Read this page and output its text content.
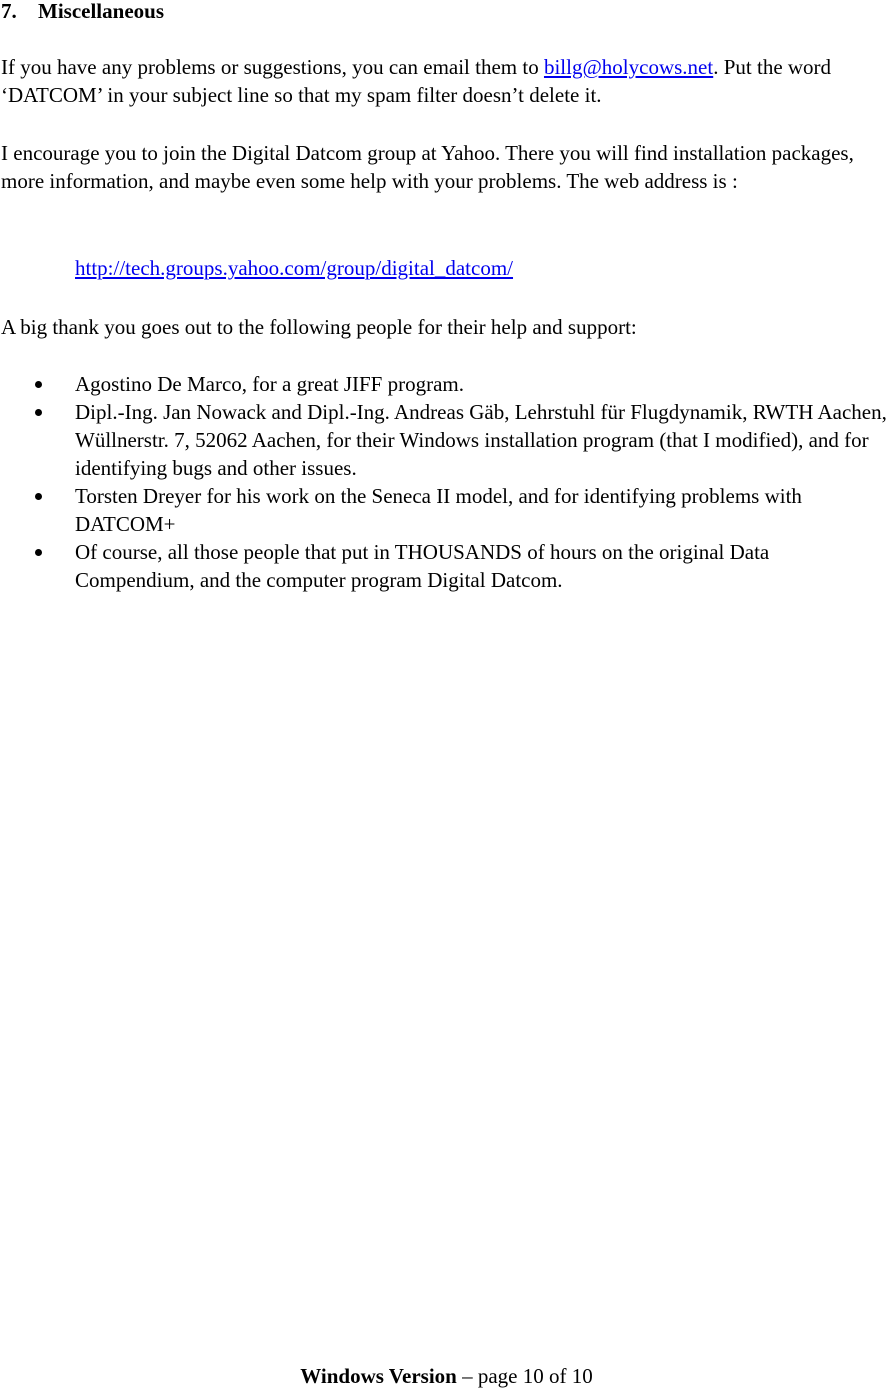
7. Miscellaneous

If you have any problems or suggestions, you can email them to billg@holycows.net. Put the word ‘DATCOM’ in your subject line so that my spam filter doesn’t delete it.

I encourage you to join the Digital Datcom group at Yahoo. There you will find installation packages, more information, and maybe even some help with your problems. The web address is :

http://tech.groups.yahoo.com/group/digital_datcom/

A big thank you goes out to the following people for their help and support:

Agostino De Marco, for a great JIFF program.
Dipl.-Ing. Jan Nowack and Dipl.-Ing. Andreas Gäb, Lehrstuhl für Flugdynamik, RWTH Aachen, Wüllnerstr. 7, 52062 Aachen, for their Windows installation program (that I modified), and for identifying bugs and other issues.
Torsten Dreyer for his work on the Seneca II model, and for identifying problems with DATCOM+
Of course, all those people that put in THOUSANDS of hours on the original Data Compendium, and the computer program Digital Datcom.
Windows Version – page 10 of 10
